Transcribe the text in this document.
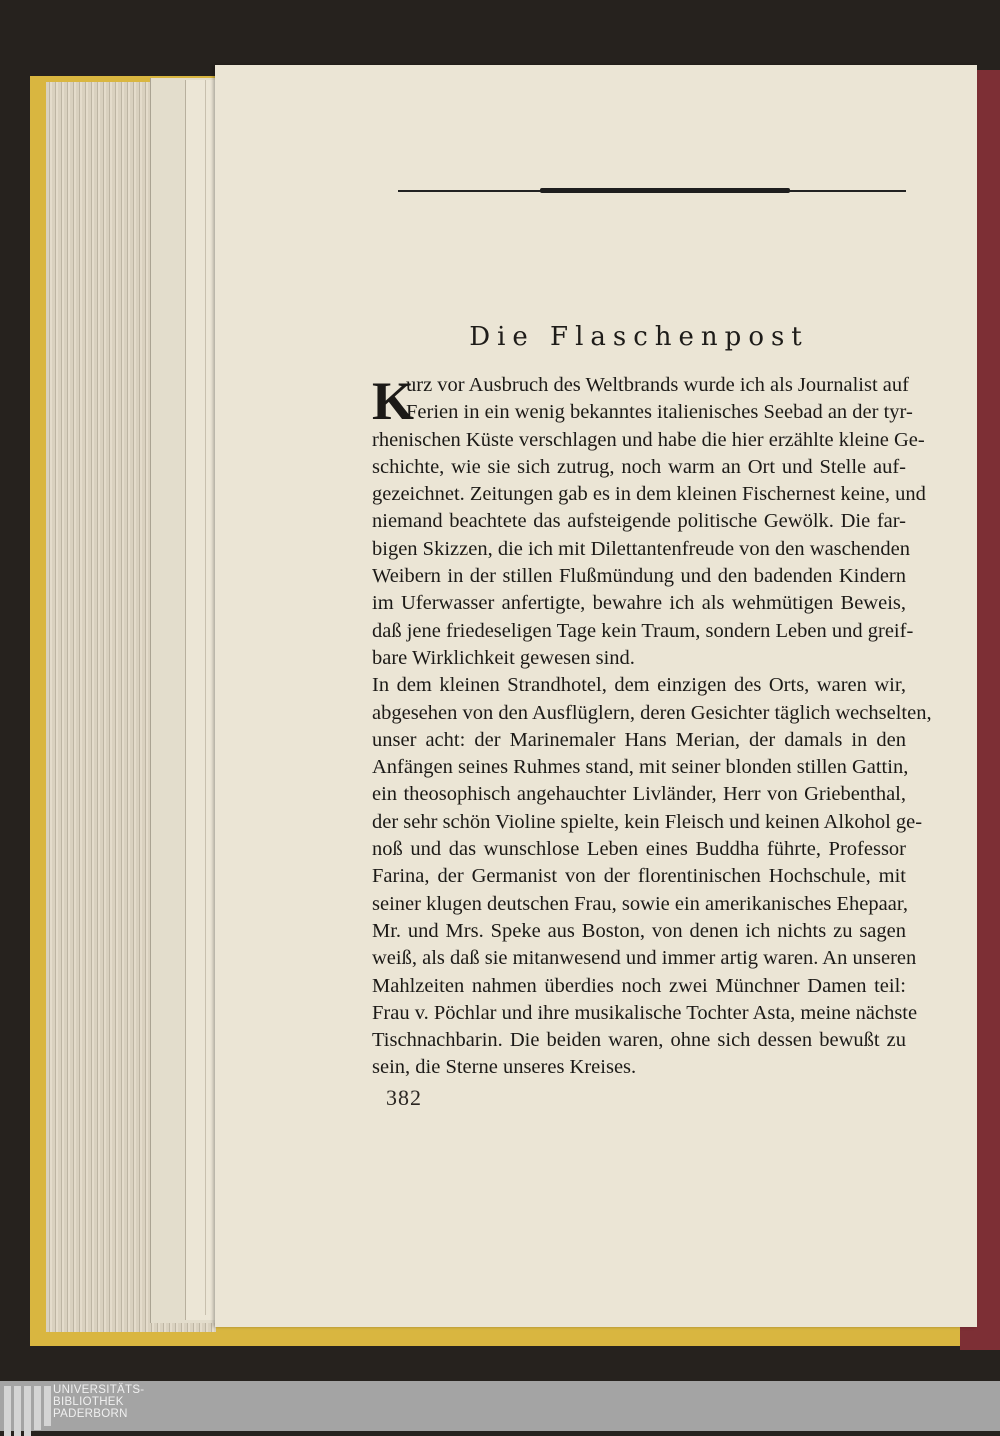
Die Flaschenpost
K
urz vor Ausbruch des Weltbrands wurde ich als Journalist auf
Ferien in ein wenig bekanntes italienisches Seebad an der tyr-
rhenischen Küste verschlagen und habe die hier erzählte kleine Ge-
schichte, wie sie sich zutrug, noch warm an Ort und Stelle auf-
gezeichnet. Zeitungen gab es in dem kleinen Fischernest keine, und
niemand beachtete das aufsteigende politische Gewölk. Die far-
bigen Skizzen, die ich mit Dilettantenfreude von den waschenden
Weibern in der stillen Flußmündung und den badenden Kindern
im Uferwasser anfertigte, bewahre ich als wehmütigen Beweis,
daß jene friedeseligen Tage kein Traum, sondern Leben und greif-
bare Wirklichkeit gewesen sind.
In dem kleinen Strandhotel, dem einzigen des Orts, waren wir,
abgesehen von den Ausflüglern, deren Gesichter täglich wechselten,
unser acht: der Marinemaler Hans Merian, der damals in den
Anfängen seines Ruhmes stand, mit seiner blonden stillen Gattin,
ein theosophisch angehauchter Livländer, Herr von Griebenthal,
der sehr schön Violine spielte, kein Fleisch und keinen Alkohol ge-
noß und das wunschlose Leben eines Buddha führte, Professor
Farina, der Germanist von der florentinischen Hochschule, mit
seiner klugen deutschen Frau, sowie ein amerikanisches Ehepaar,
Mr. und Mrs. Speke aus Boston, von denen ich nichts zu sagen
weiß, als daß sie mitanwesend und immer artig waren. An unseren
Mahlzeiten nahmen überdies noch zwei Münchner Damen teil:
Frau v. Pöchlar und ihre musikalische Tochter Asta, meine nächste
Tischnachbarin. Die beiden waren, ohne sich dessen bewußt zu
sein, die Sterne unseres Kreises.
382
UNIVERSITÄTS-
BIBLIOTHEK
PADERBORN
